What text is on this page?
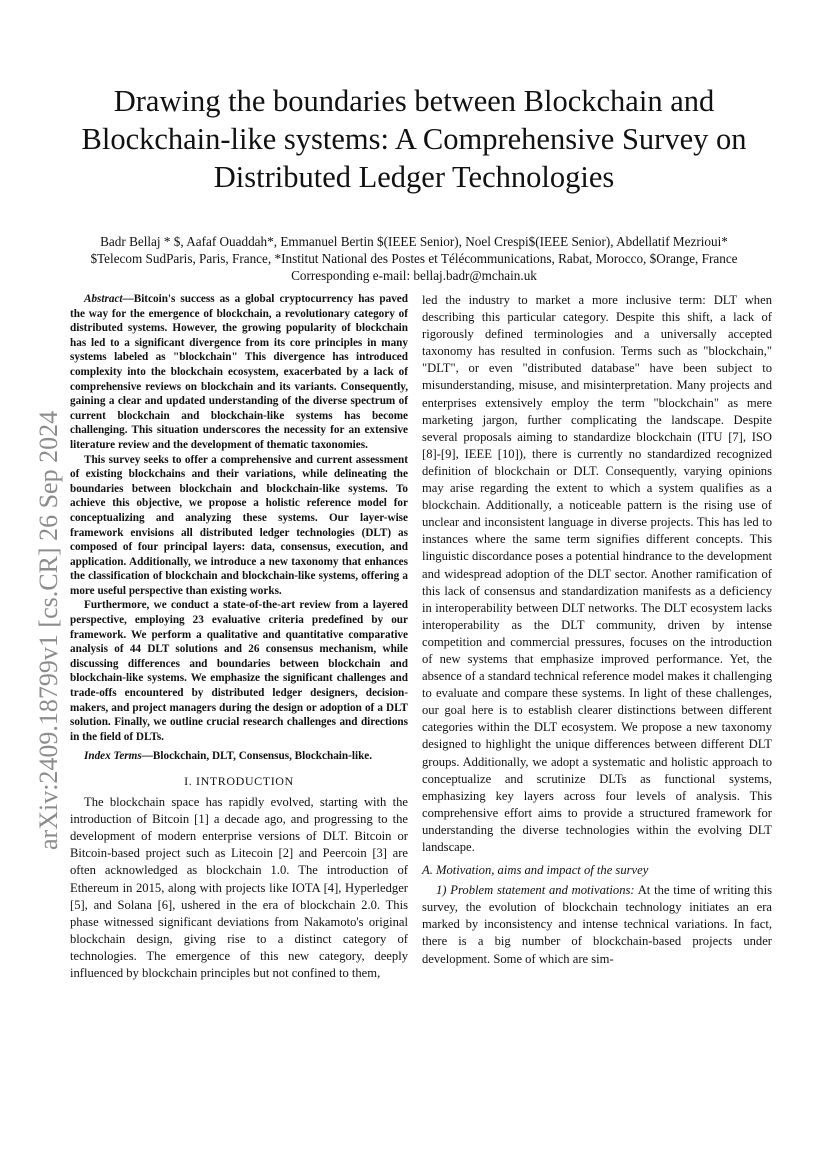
arXiv:2409.18799v1 [cs.CR] 26 Sep 2024
Drawing the boundaries between Blockchain and Blockchain-like systems: A Comprehensive Survey on Distributed Ledger Technologies
Badr Bellaj * $, Aafaf Ouaddah*, Emmanuel Bertin $(IEEE Senior), Noel Crespi$(IEEE Senior), Abdellatif Mezrioui*
$Telecom SudParis, Paris, France, *Institut National des Postes et Télécommunications, Rabat, Morocco, $Orange, France
Corresponding e-mail: bellaj.badr@mchain.uk

Abstract—Bitcoin's success as a global cryptocurrency has paved the way for the emergence of blockchain, a revolutionary category of distributed systems. However, the growing popularity of blockchain has led to a significant divergence from its core principles in many systems labeled as "blockchain" This divergence has introduced complexity into the blockchain ecosystem, exacerbated by a lack of comprehensive reviews on blockchain and its variants. Consequently, gaining a clear and updated understanding of the diverse spectrum of current blockchain and blockchain-like systems has become challenging. This situation underscores the necessity for an extensive literature review and the development of thematic taxonomies.

This survey seeks to offer a comprehensive and current assessment of existing blockchains and their variations, while delineating the boundaries between blockchain and blockchain-like systems. To achieve this objective, we propose a holistic reference model for conceptualizing and analyzing these systems. Our layer-wise framework envisions all distributed ledger technologies (DLT) as composed of four principal layers: data, consensus, execution, and application. Additionally, we introduce a new taxonomy that enhances the classification of blockchain and blockchain-like systems, offering a more useful perspective than existing works.

Furthermore, we conduct a state-of-the-art review from a layered perspective, employing 23 evaluative criteria predefined by our framework. We perform a qualitative and quantitative comparative analysis of 44 DLT solutions and 26 consensus mechanism, while discussing differences and boundaries between blockchain and blockchain-like systems. We emphasize the significant challenges and trade-offs encountered by distributed ledger designers, decision-makers, and project managers during the design or adoption of a DLT solution. Finally, we outline crucial research challenges and directions in the field of DLTs.

Index Terms—Blockchain, DLT, Consensus, Blockchain-like.

I. INTRODUCTION

The blockchain space has rapidly evolved, starting with the introduction of Bitcoin [1] a decade ago, and progressing to the development of modern enterprise versions of DLT. Bitcoin or Bitcoin-based project such as Litecoin [2] and Peercoin [3] are often acknowledged as blockchain 1.0. The introduction of Ethereum in 2015, along with projects like IOTA [4], Hyperledger [5], and Solana [6], ushered in the era of blockchain 2.0. This phase witnessed significant deviations from Nakamoto's original blockchain design, giving rise to a distinct category of technologies. The emergence of this new category, deeply influenced by blockchain principles but not confined to them,

led the industry to market a more inclusive term: DLT when describing this particular category. Despite this shift, a lack of rigorously defined terminologies and a universally accepted taxonomy has resulted in confusion. Terms such as "blockchain," "DLT", or even "distributed database" have been subject to misunderstanding, misuse, and misinterpretation. Many projects and enterprises extensively employ the term "blockchain" as mere marketing jargon, further complicating the landscape. Despite several proposals aiming to standardize blockchain (ITU [7], ISO [8]-[9], IEEE [10]), there is currently no standardized recognized definition of blockchain or DLT. Consequently, varying opinions may arise regarding the extent to which a system qualifies as a blockchain. Additionally, a noticeable pattern is the rising use of unclear and inconsistent language in diverse projects. This has led to instances where the same term signifies different concepts. This linguistic discordance poses a potential hindrance to the development and widespread adoption of the DLT sector. Another ramification of this lack of consensus and standardization manifests as a deficiency in interoperability between DLT networks. The DLT ecosystem lacks interoperability as the DLT community, driven by intense competition and commercial pressures, focuses on the introduction of new systems that emphasize improved performance. Yet, the absence of a standard technical reference model makes it challenging to evaluate and compare these systems. In light of these challenges, our goal here is to establish clearer distinctions between different categories within the DLT ecosystem. We propose a new taxonomy designed to highlight the unique differences between different DLT groups. Additionally, we adopt a systematic and holistic approach to conceptualize and scrutinize DLTs as functional systems, emphasizing key layers across four levels of analysis. This comprehensive effort aims to provide a structured framework for understanding the diverse technologies within the evolving DLT landscape.

A. Motivation, aims and impact of the survey

1) Problem statement and motivations: At the time of writing this survey, the evolution of blockchain technology initiates an era marked by inconsistency and intense technical variations. In fact, there is a big number of blockchain-based projects under development. Some of which are sim-
